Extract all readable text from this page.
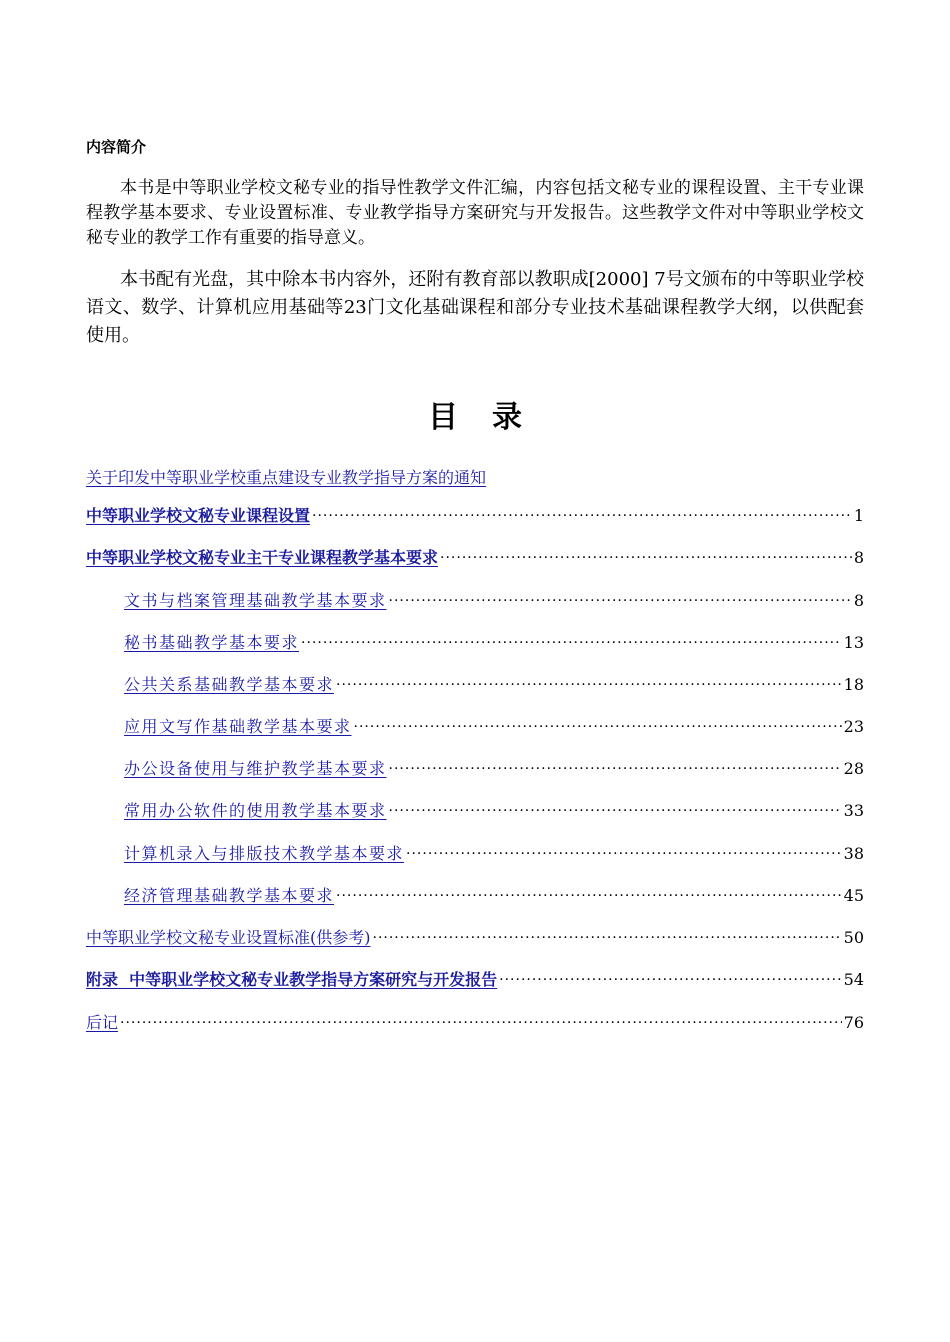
内容简介

本书是中等职业学校文秘专业的指导性教学文件汇编，内容包括文秘专业的课程设置、主干专业课程教学基本要求、专业设置标准、专业教学指导方案研究与开发报告。这些教学文件对中等职业学校文秘专业的教学工作有重要的指导意义。

本书配有光盘，其中除本书内容外，还附有教育部以教职成[2000] 7号文颁布的中等职业学校语文、数学、计算机应用基础等23门文化基础课程和部分专业技术基础课程教学大纲，以供配套使用。

目录
关于印发中等职业学校重点建设专业教学指导方案的通知
中等职业学校文秘专业课程设置 ·····	1
中等职业学校文秘专业主干专业课程教学基本要求 ·····	8
文书与档案管理基础教学基本要求 ·····	8
秘书基础教学基本要求 ·····	13
公共关系基础教学基本要求 ·····	18
应用文写作基础教学基本要求 ·····	23
办公设备使用与维护教学基本要求 ·····	28
常用办公软件的使用教学基本要求 ·····	33
计算机录入与排版技术教学基本要求 ·····	38
经济管理基础教学基本要求 ·····	45
中等职业学校文秘专业设置标准(供参考) ·····	50
附录  中等职业学校文秘专业教学指导方案研究与开发报告 ·····	54
后记 ·····	76
